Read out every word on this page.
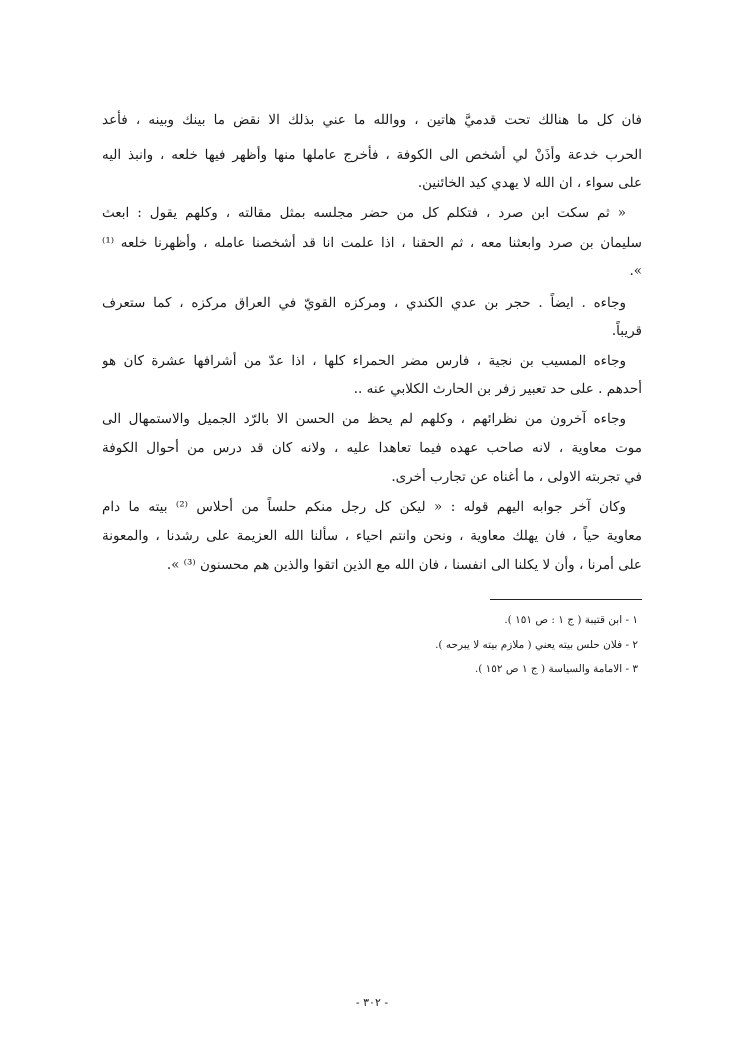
فان كل ما هنالك تحت قدميَّ هاتين ، ووالله ما عني بذلك الا نقض ما بينك وبينه ، فأعد
الحرب خدعة وأْذَنْ لي أشخص الى الكوفة ، فأُخرج عاملها منها وأُظهر فيها خلعه ، وانبذ اليه
على سواء ، ان الله لا يهدي كيد الخائنين.
« ثم سكت ابن صرد ، فتكلم كل من حضر مجلسه بمثل مقالته ، وكلهم يقول : ابعث
سليمان بن صرد وابعثنا معه ، ثم الحقنا ، اذا علمت انا قد أشخصنا عامله ، وأظهرنا خلعه ⁽¹⁾
».
وجاءه . ايضاً . حجر بن عدي الكندي ، ومركزه القويّ في العراق مركزه ، كما ستعرف
قريباً.
وجاءه المسيب بن نجية ، فارس مضر الحمراء كلها ، اذا عدّ من أشرافها عشرة كان هو
أحدهم . على حد تعبير زفر بن الحارث الكلابي عنه ..
وجاءه آخرون من نظرائهم ، وكلهم لم يحظ من الحسن الا بالرّد الجميل والاستمهال الى
موت معاوية ، لانه صاحب عهده فيما تعاهدا عليه ، ولانه كان قد درس من أحوال الكوفة
في تجربته الاولى ، ما أغناه عن تجارب أخرى.
وكان آخر جوابه اليهم قوله : « ليكن كل رجل منكم حلساً من أحلاس ⁽²⁾ بيته ما دام
معاوية حياً ، فان يهلك معاوية ، ونحن وانتم احياء ، سألنا الله العزيمة على رشدنا ، والمعونة
على أمرنا ، وأن لا يكلنا الى انفسنا ، فان الله مع الذين اتقوا والذين هم محسنون ⁽³⁾ ».
١ - ابن قتيبة ( ج ١ : ص ١٥١ ).
٢ - فلان حلس بيته يعني ( ملازم بيته لا يبرحه ).
٣ - الامامة والسياسة ( ج ١ ص ١٥٢ ).
- ٣٠٢ -
